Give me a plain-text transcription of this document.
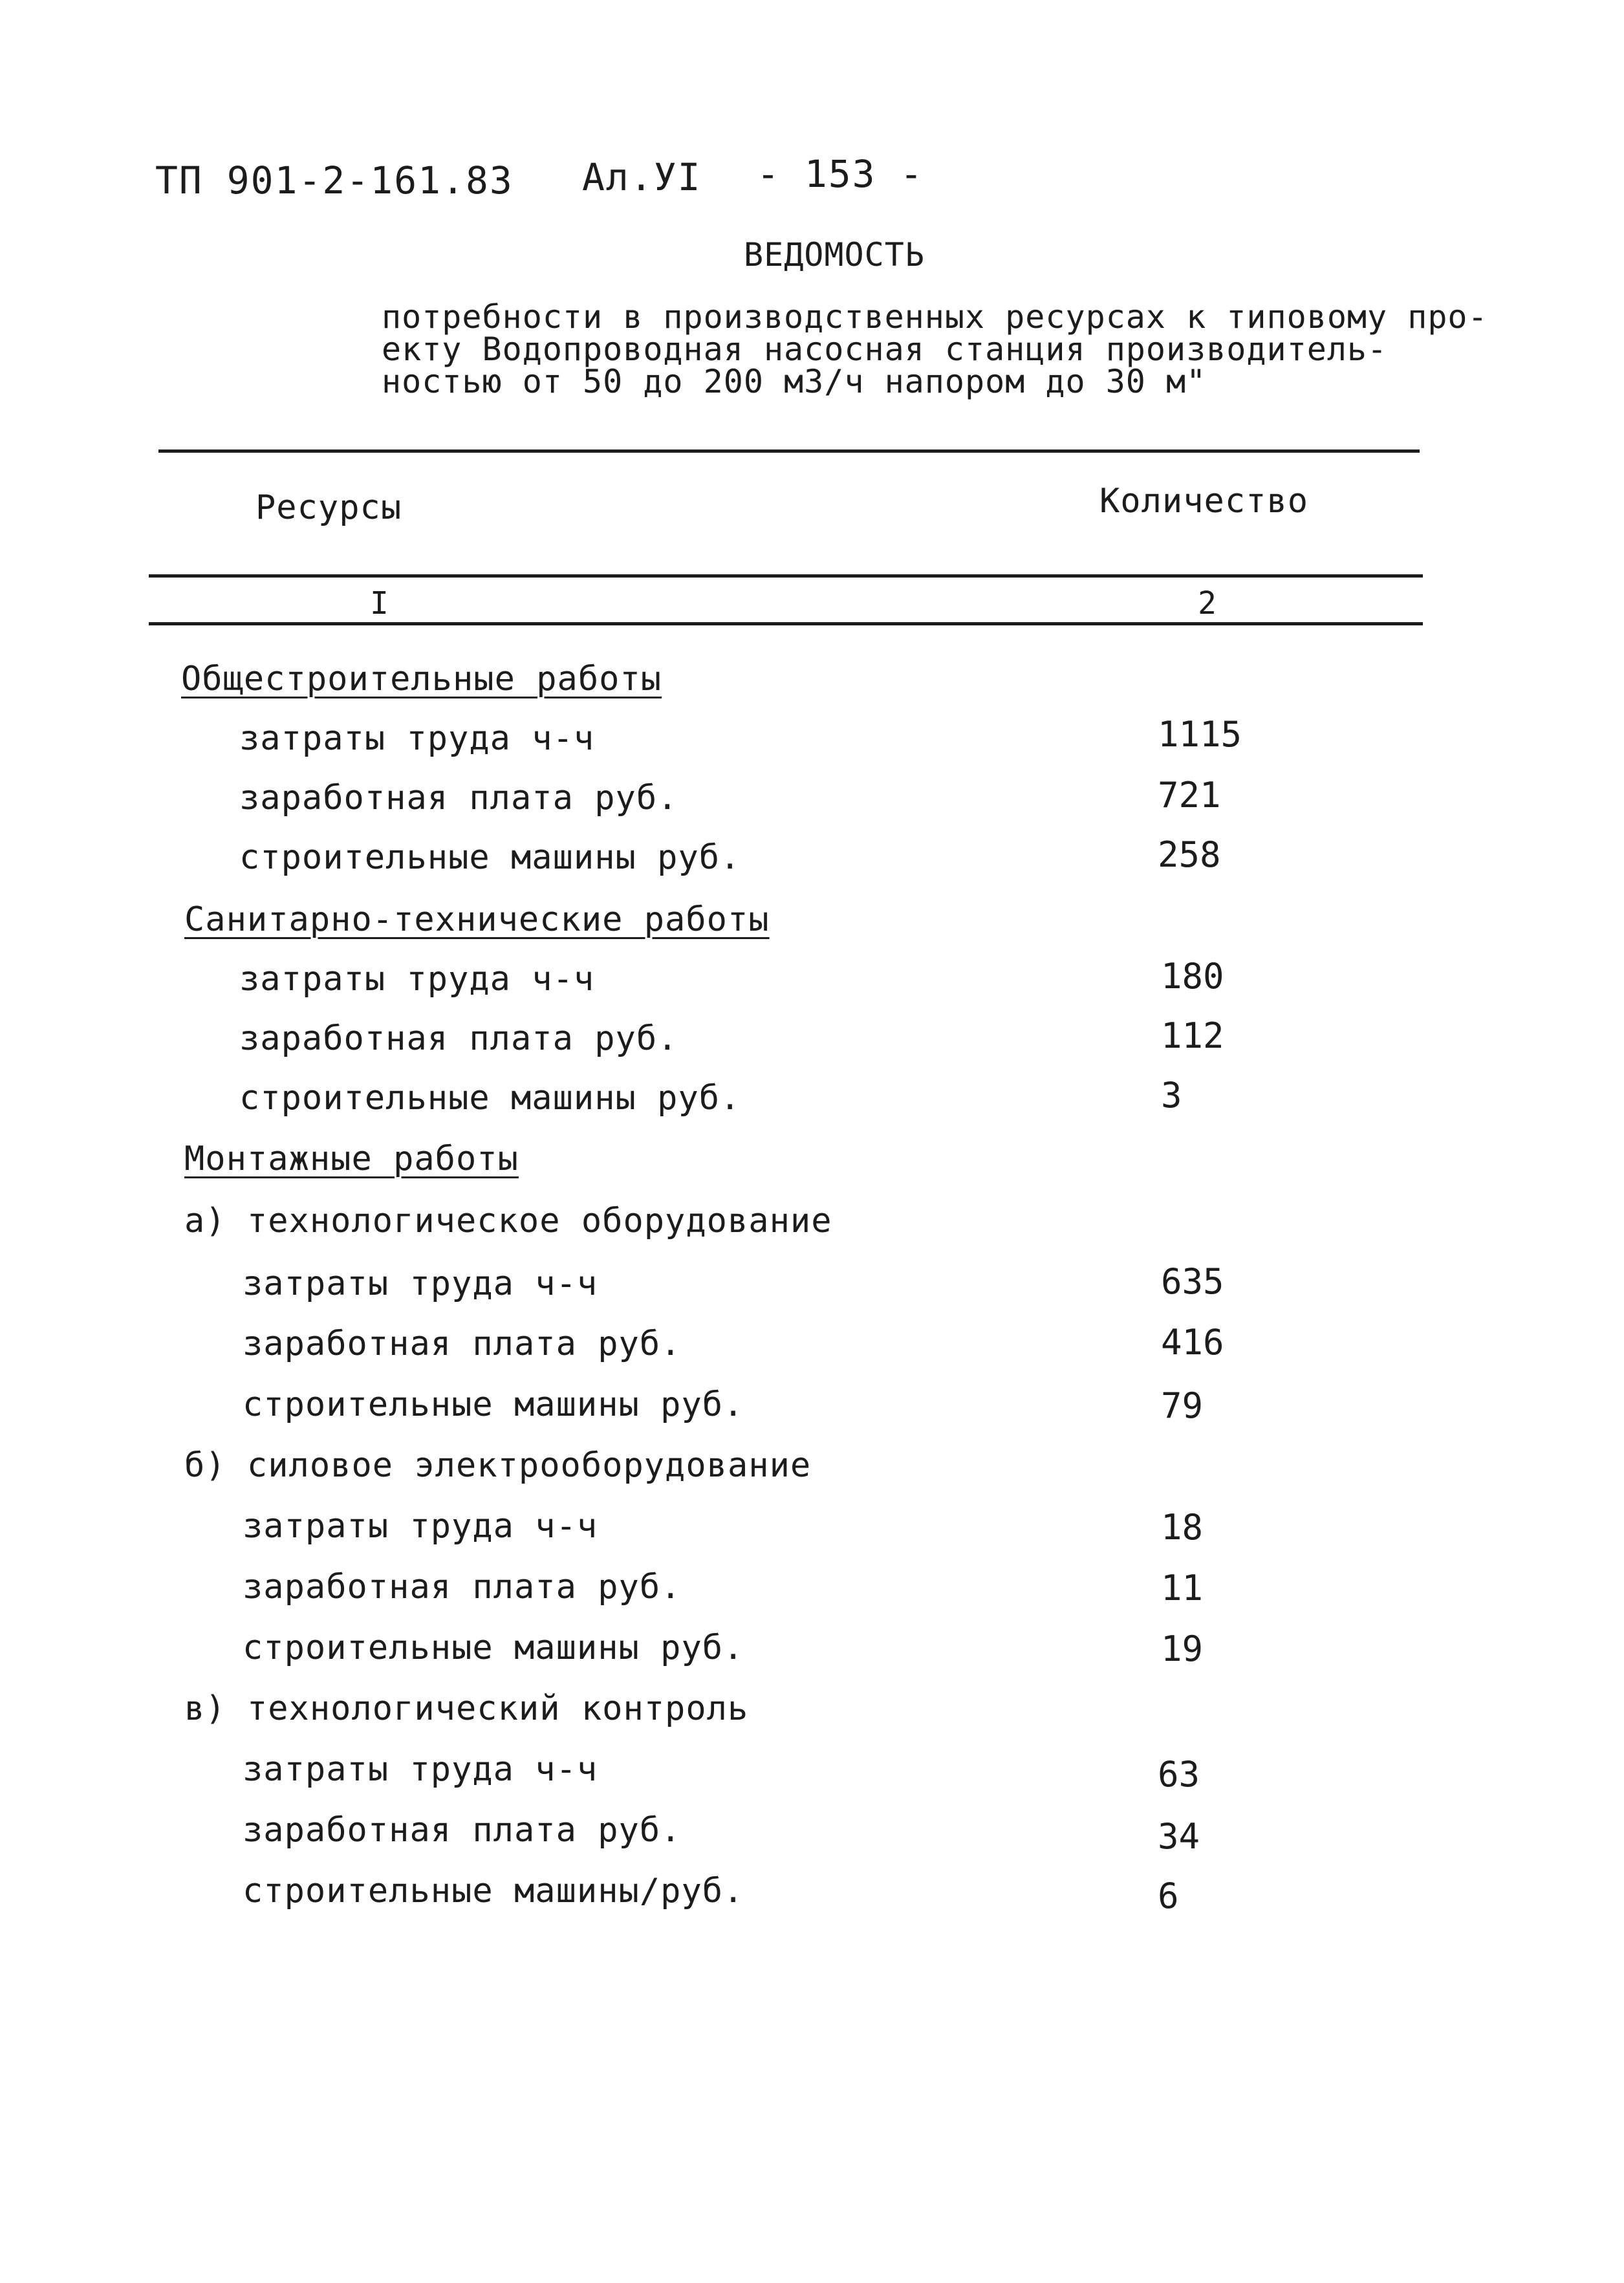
ТП 901-2-161.83 Ал.УI - 153 -
ВЕДОМОСТЬ
потребности в производственных ресурсах к типовому про-
екту Водопроводная насосная станция производитель-
ностью от 50 до 200 м3/ч напором до 30 м"
Ресурсы	Количество
I	2
Общестроительные работы
затраты труда ч-ч	1115
заработная плата руб.	721
строительные машины руб.	258
Санитарно-технические работы
затраты труда ч-ч	180
заработная плата руб.	112
строительные машины руб.	3
Монтажные работы
а) технологическое оборудование
затраты труда ч-ч	635
заработная плата руб.	416
строительные машины руб.	79
б) силовое электрооборудование
затраты труда ч-ч	18
заработная плата руб.	11
строительные машины руб.	19
в) технологический контроль
затраты труда ч-ч	63
заработная плата руб.	34
строительные машины/руб.	6
